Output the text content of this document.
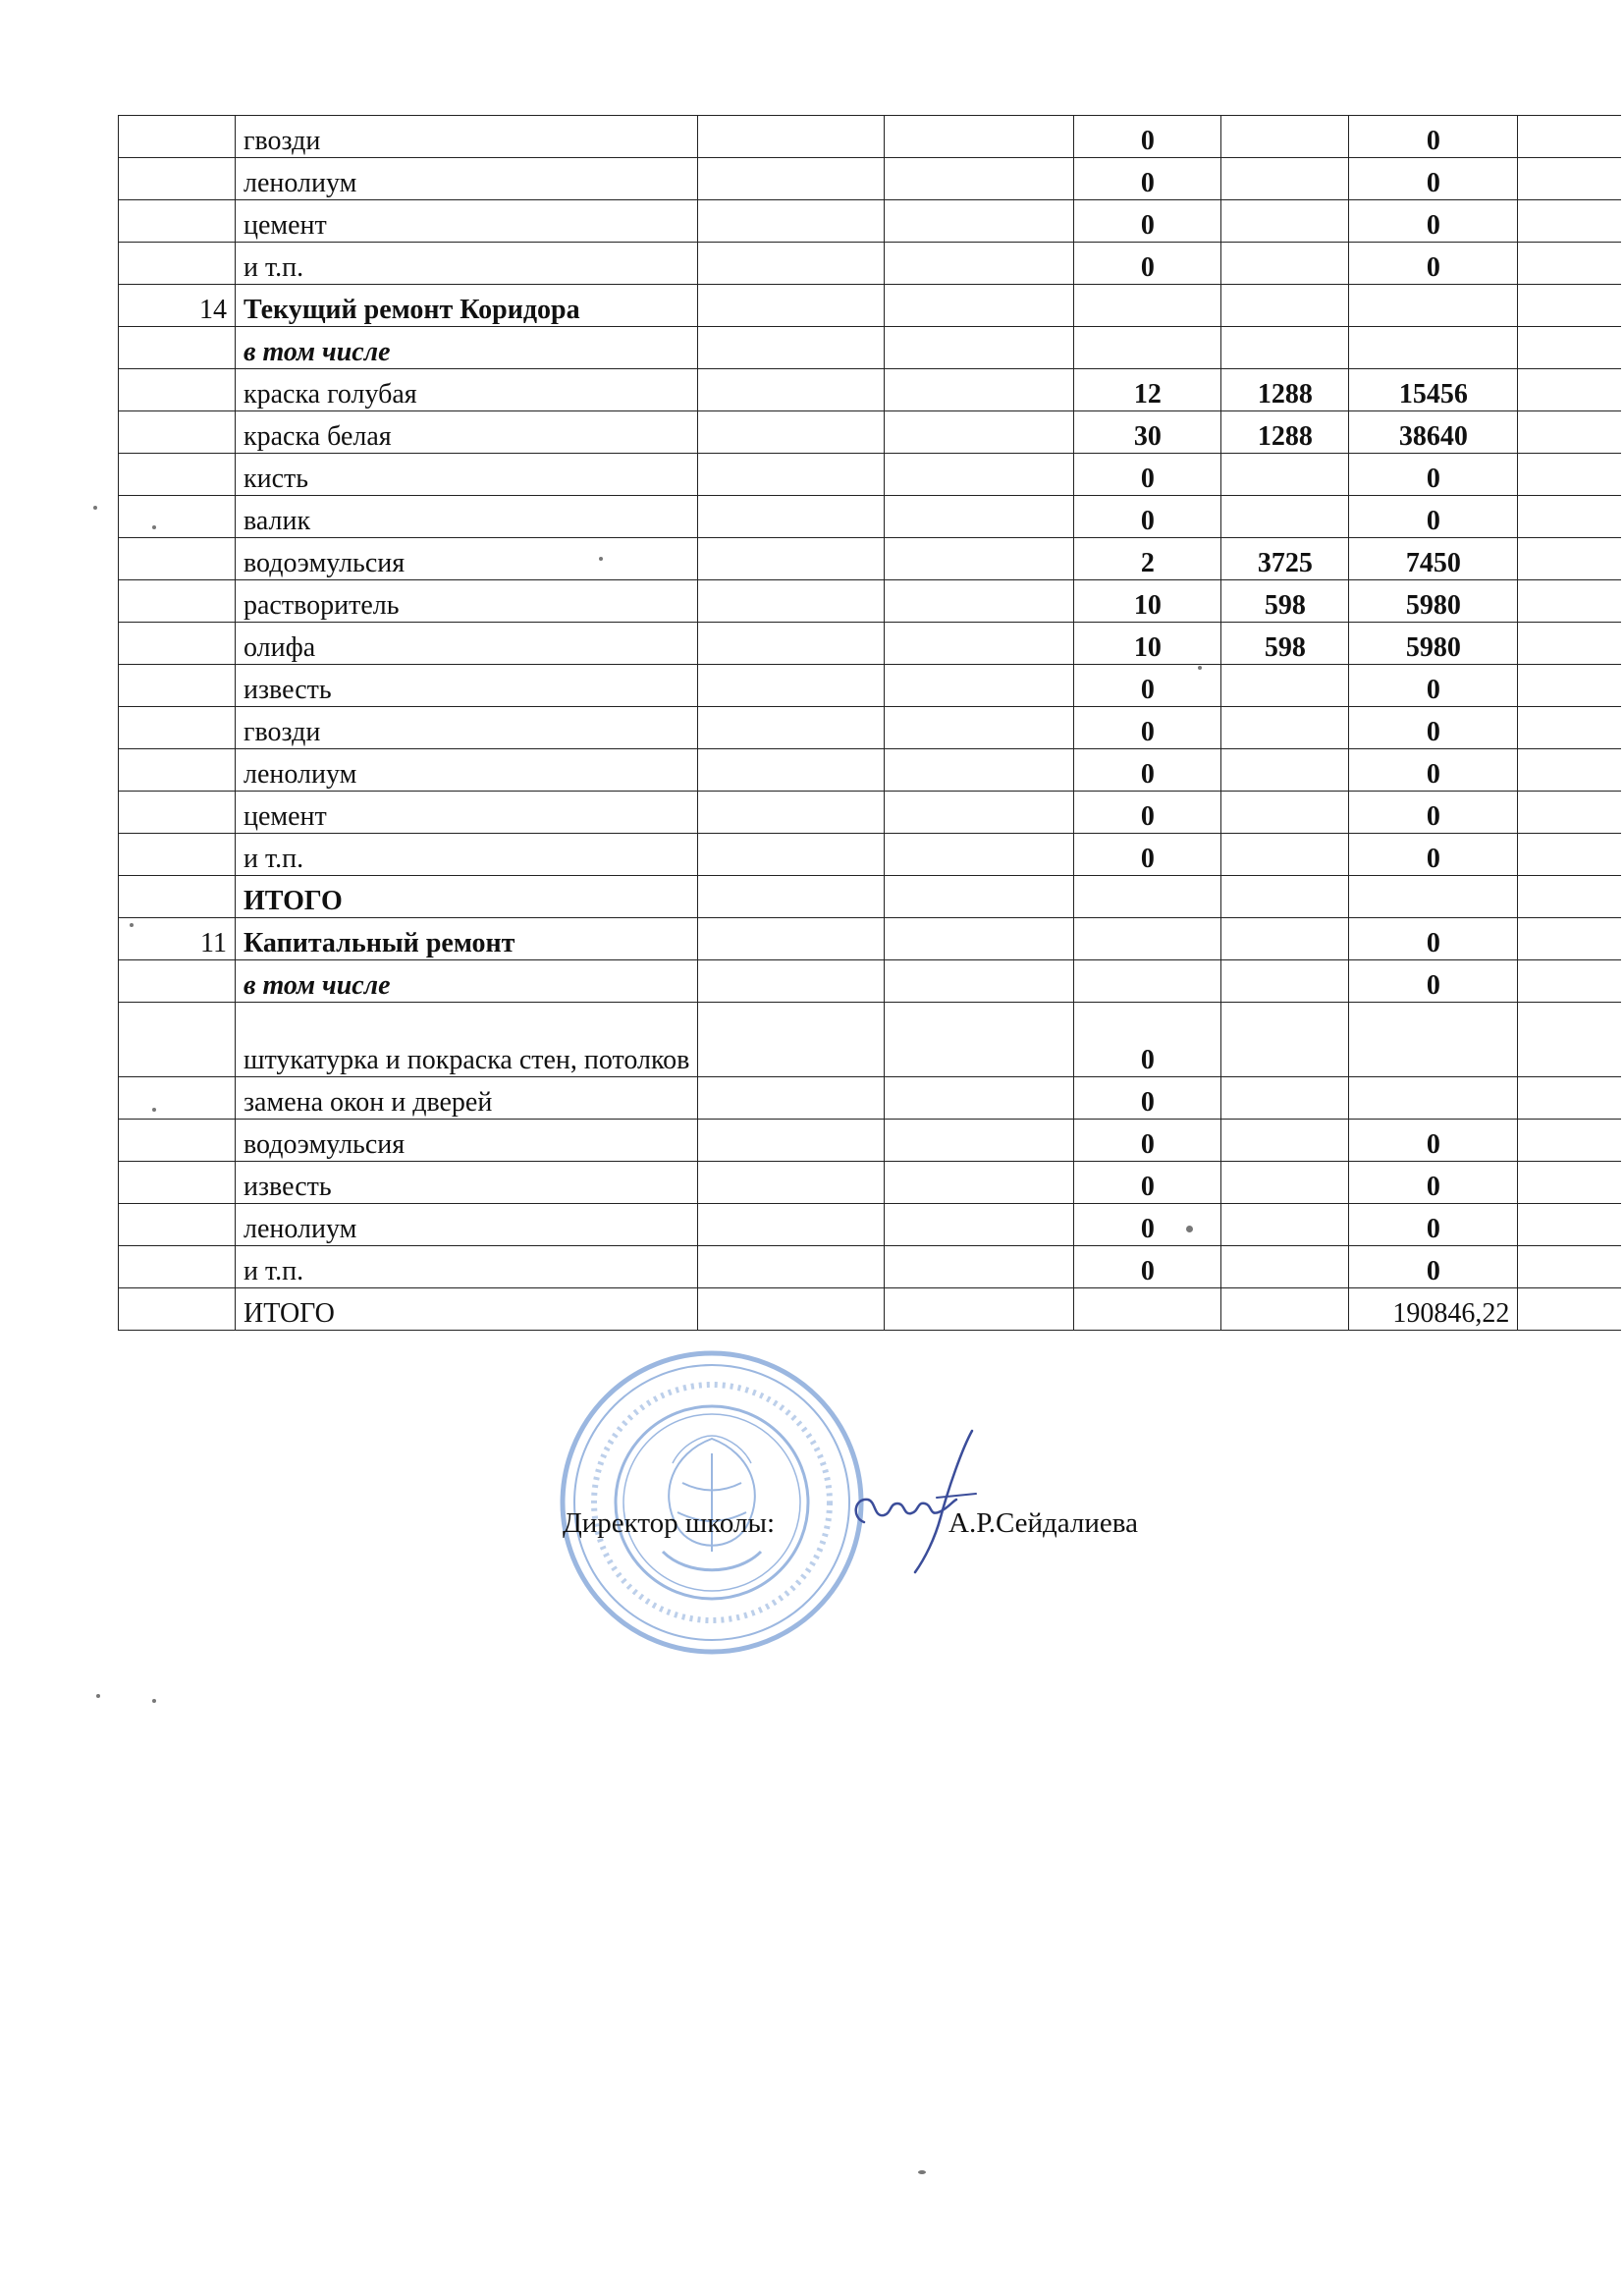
	гвозди			0		0	
	ленолиум			0		0	
	цемент			0		0	
	и т.п.			0		0	
14	Текущий ремонт Коридора						
	в том числе						
	краска голубая			12	1288	15456	
	краска белая			30	1288	38640	
	кисть			0		0	
	валик			0		0	
	водоэмульсия			2	3725	7450	
	растворитель			10	598	5980	
	олифа			10	598	5980	
	известь			0		0	
	гвозди			0		0	
	ленолиум			0		0	
	цемент			0		0	
	и т.п.			0		0	
	ИТОГО						
11	Капитальный ремонт					0	
	в том числе					0	
	штукатурка и покраска стен, потолков			0			
	замена окон и дверей			0			
	водоэмульсия			0		0	
	известь			0		0	
	ленолиум			0		0	
	и т.п.			0		0	
	ИТОГО					190846,22	
Директор школы:	А.Р.Сейдалиева
